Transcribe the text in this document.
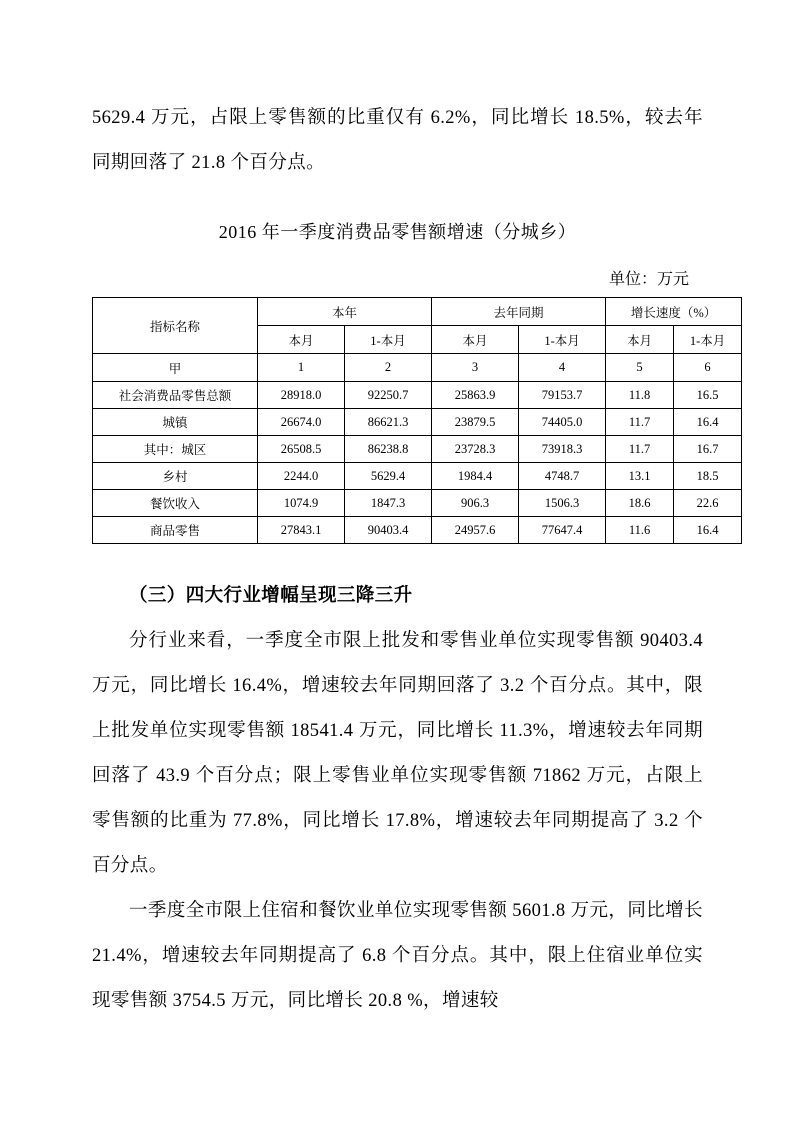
5629.4 万元，占限上零售额的比重仅有 6.2%，同比增长 18.5%，较去年同期回落了 21.8 个百分点。

2016 年一季度消费品零售额增速（分城乡）
单位：万元
指标名称	本年		去年同期		增长速度（%）	
	本月	1-本月	本月	1-本月	本月	1-本月
甲	1	2	3	4	5	6
社会消费品零售总额	28918.0	92250.7	25863.9	79153.7	11.8	16.5
城镇	26674.0	86621.3	23879.5	74405.0	11.7	16.4
其中：城区	26508.5	86238.8	23728.3	73918.3	11.7	16.7
乡村	2244.0	5629.4	1984.4	4748.7	13.1	18.5
餐饮收入	1074.9	1847.3	906.3	1506.3	18.6	22.6
商品零售	27843.1	90403.4	24957.6	77647.4	11.6	16.4
（三）四大行业增幅呈现三降三升

分行业来看，一季度全市限上批发和零售业单位实现零售额 90403.4 万元，同比增长 16.4%，增速较去年同期回落了 3.2 个百分点。其中，限上批发单位实现零售额 18541.4 万元，同比增长 11.3%，增速较去年同期回落了 43.9 个百分点；限上零售业单位实现零售额 71862 万元，占限上零售额的比重为 77.8%，同比增长 17.8%，增速较去年同期提高了 3.2 个百分点。

一季度全市限上住宿和餐饮业单位实现零售额 5601.8 万元，同比增长 21.4%，增速较去年同期提高了 6.8 个百分点。其中，限上住宿业单位实现零售额 3754.5 万元，同比增长 20.8 %，增速较
